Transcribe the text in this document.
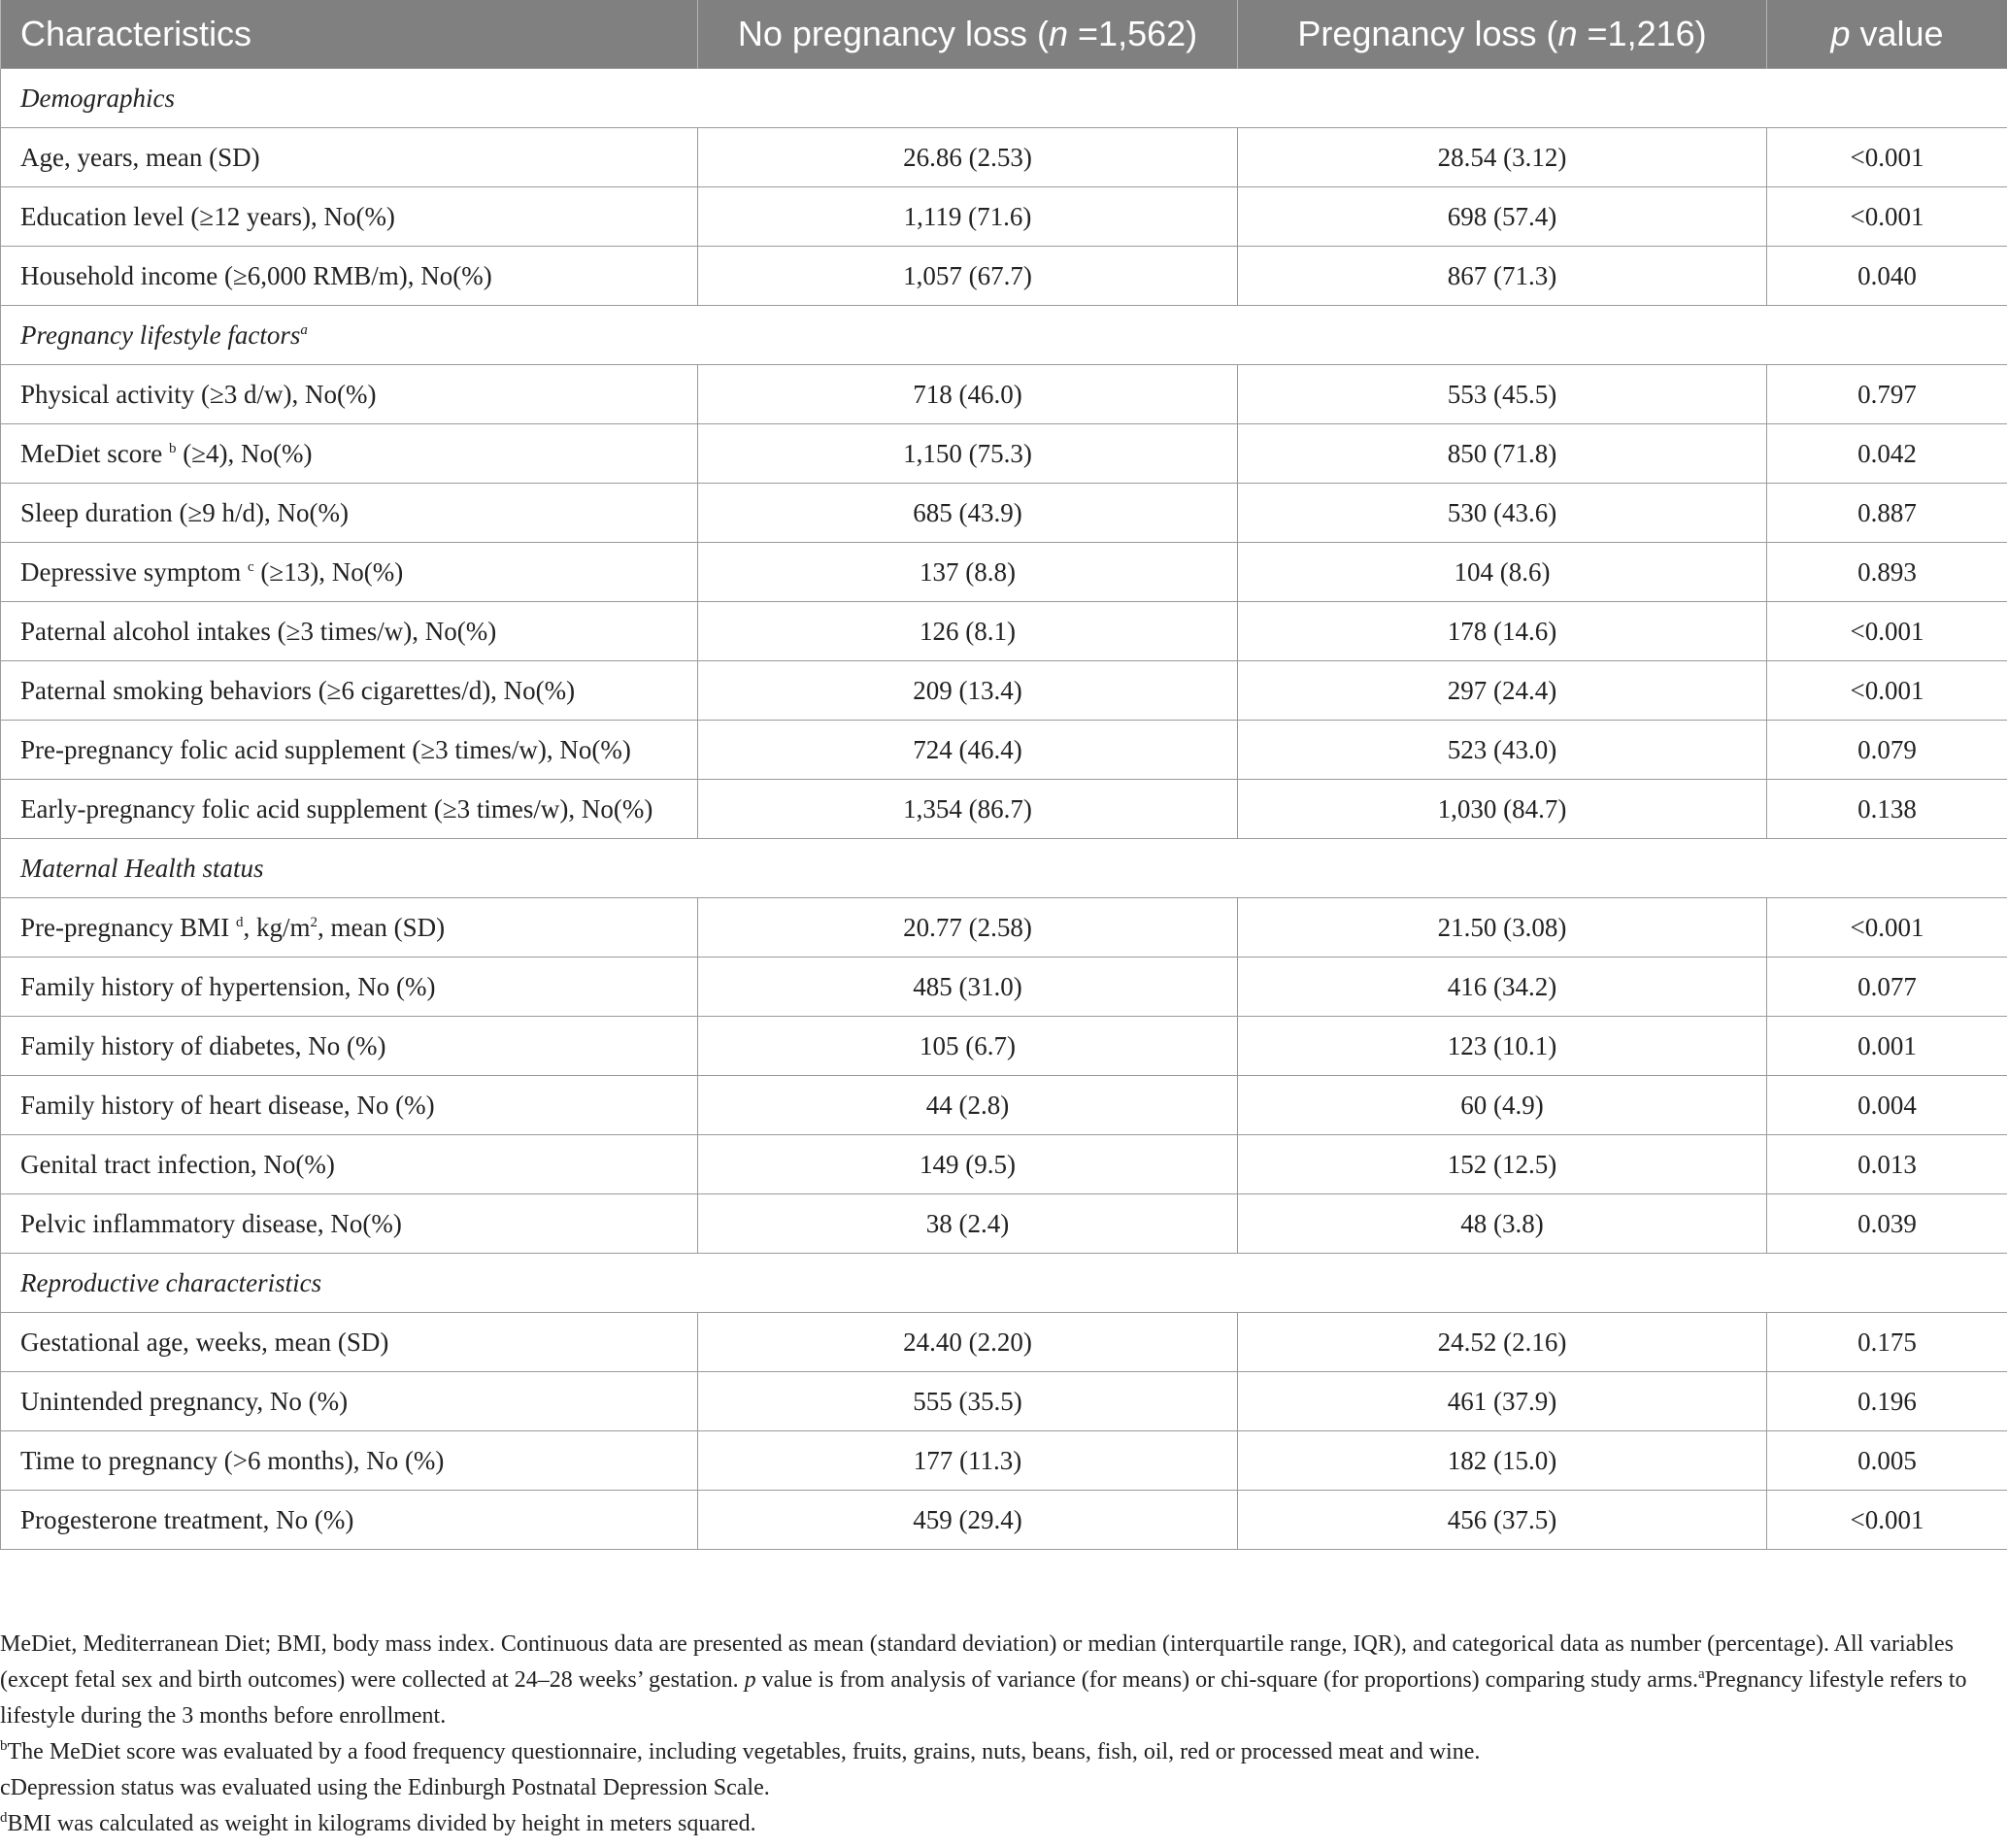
Characteristics	No pregnancy loss (n =1,562)	Pregnancy loss (n =1,216)	p value
Demographics			
Age, years, mean (SD)	26.86 (2.53)	28.54 (3.12)	<0.001
Education level (≥12 years), No(%)	1,119 (71.6)	698 (57.4)	<0.001
Household income (≥6,000 RMB/m), No(%)	1,057 (67.7)	867 (71.3)	0.040
Pregnancy lifestyle factors$^a$
Physical activity (≥3 d/w), No(%)	718 (46.0)	553 (45.5)	0.797
MeDiet score $^b$ (≥4), No(%)	1,150 (75.3)	850 (71.8)	0.042
Sleep duration (≥9 h/d), No(%)	685 (43.9)	530 (43.6)	0.887
Depressive symptom $^c$ (≥13), No(%)	137 (8.8)	104 (8.6)	0.893
Paternal alcohol intakes (≥3 times/w), No(%)	126 (8.1)	178 (14.6)	<0.001
Paternal smoking behaviors (≥6 cigarettes/d), No(%)	209 (13.4)	297 (24.4)	<0.001
Pre-pregnancy folic acid supplement (≥3 times/w), No(%)	724 (46.4)	523 (43.0)	0.079
Early-pregnancy folic acid supplement (≥3 times/w), No(%)	1,354 (86.7)	1,030 (84.7)	0.138
Maternal Health status			
Pre-pregnancy BMI $^d$, $kg/m^2$, mean (SD)	20.77 (2.58)	21.50 (3.08)	<0.001
Family history of hypertension, No (%)	485 (31.0)	416 (34.2)	0.077
Family history of diabetes, No (%)	105 (6.7)	123 (10.1)	0.001
Family history of heart disease, No (%)	44 (2.8)	60 (4.9)	0.004
Genital tract infection, No(%)	149 (9.5)	152 (12.5)	0.013
Pelvic inflammatory disease, No(%)	38 (2.4)	48 (3.8)	0.039
Reproductive characteristics			
Gestational age, weeks, mean (SD)	24.40 (2.20)	24.52 (2.16)	0.175
Unintended pregnancy, No (%)	555 (35.5)	461 (37.9)	0.196
Time to pregnancy (>6 months), No (%)	177 (11.3)	182 (15.0)	0.005
Progesterone treatment, No (%)	459 (29.4)	456 (37.5)	<0.001

MeDiet, Mediterranean Diet; BMI, body mass index. Continuous data are presented as mean (standard deviation) or median (interquartile range, IQR), and categorical data as number (percentage). All variables (except fetal sex and birth outcomes) were collected at 24–28 weeks’ gestation. p value is from analysis of variance (for means) or chi-square (for proportions) comparing study arms.$^a$Pregnancy lifestyle refers to lifestyle during the 3 months before enrollment.

$^b$The MeDiet score was evaluated by a food frequency questionnaire, including vegetables, fruits, grains, nuts, beans, fish, oil, red or processed meat and wine.

cDepression status was evaluated using the Edinburgh Postnatal Depression Scale.

$^d$BMI was calculated as weight in kilograms divided by height in meters squared.
